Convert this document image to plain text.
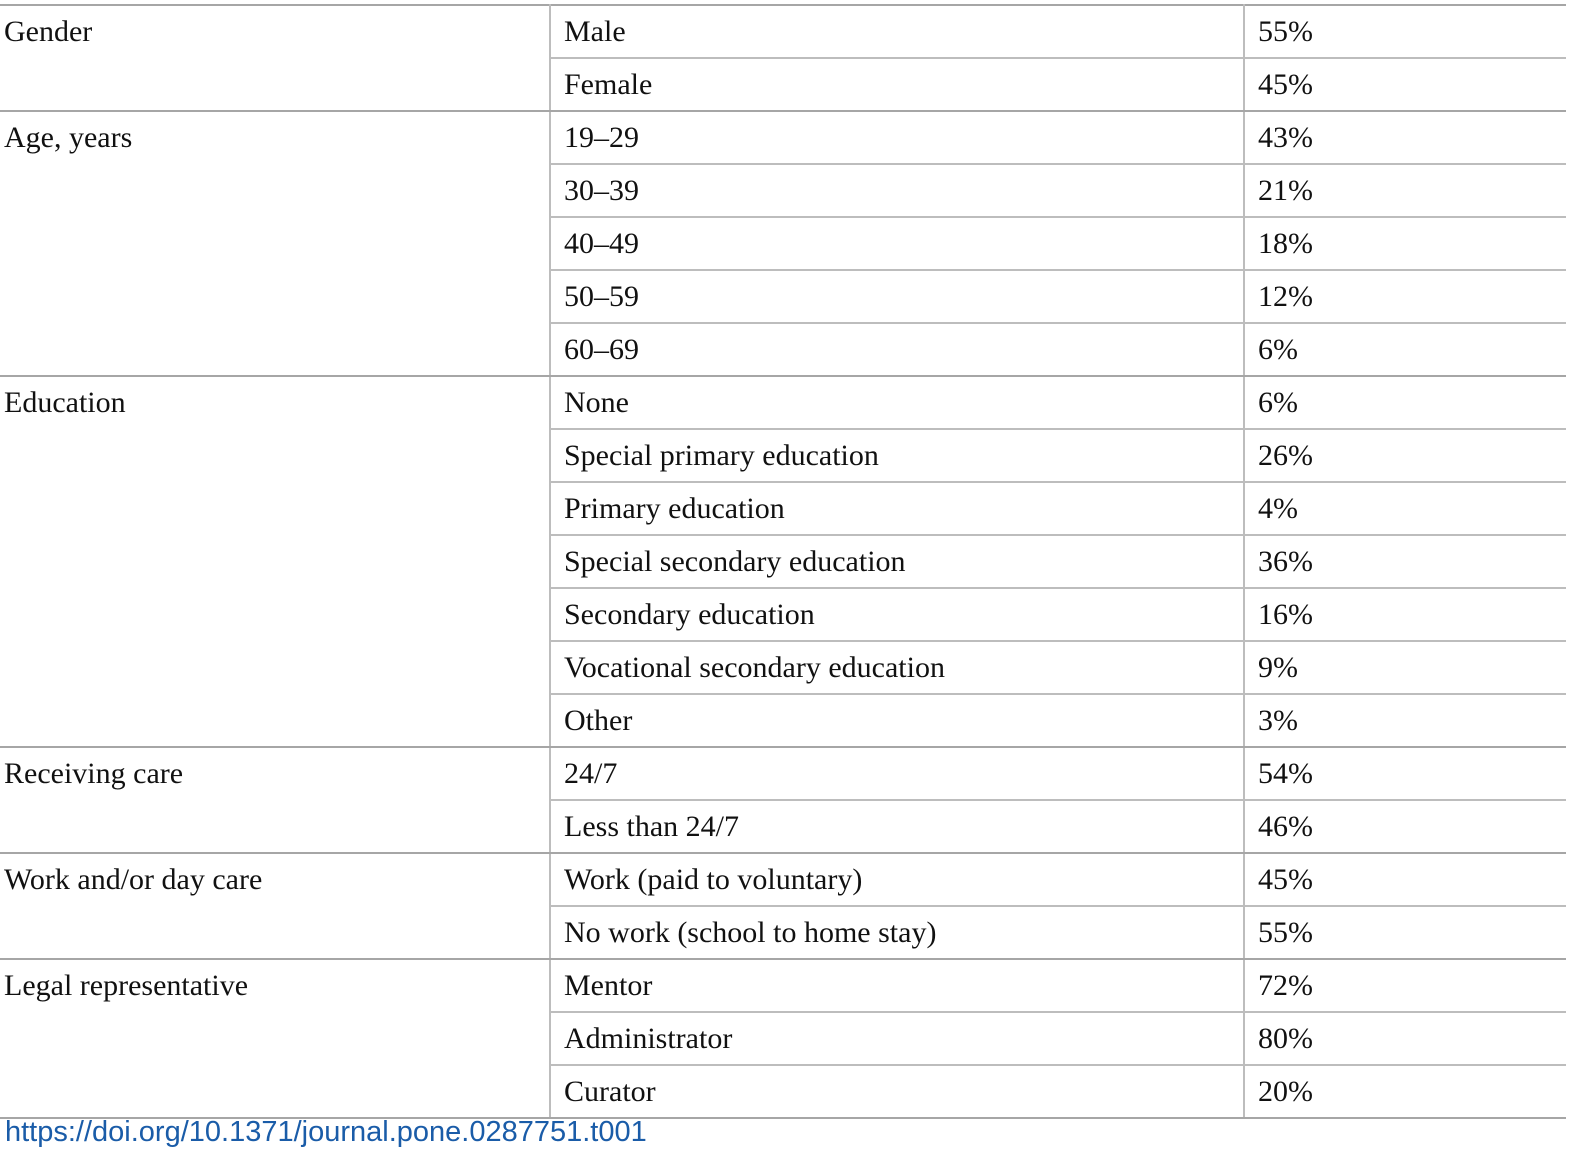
Gender	Male	55%
	Female	45%
Age, years	19–29	43%
	30–39	21%
	40–49	18%
	50–59	12%
	60–69	6%
Education	None	6%
	Special primary education	26%
	Primary education	4%
	Special secondary education	36%
	Secondary education	16%
	Vocational secondary education	9%
	Other	3%
Receiving care	24/7	54%
	Less than 24/7	46%
Work and/or day care	Work (paid to voluntary)	45%
	No work (school to home stay)	55%
Legal representative	Mentor	72%
	Administrator	80%
	Curator	20%
https://doi.org/10.1371/journal.pone.0287751.t001
